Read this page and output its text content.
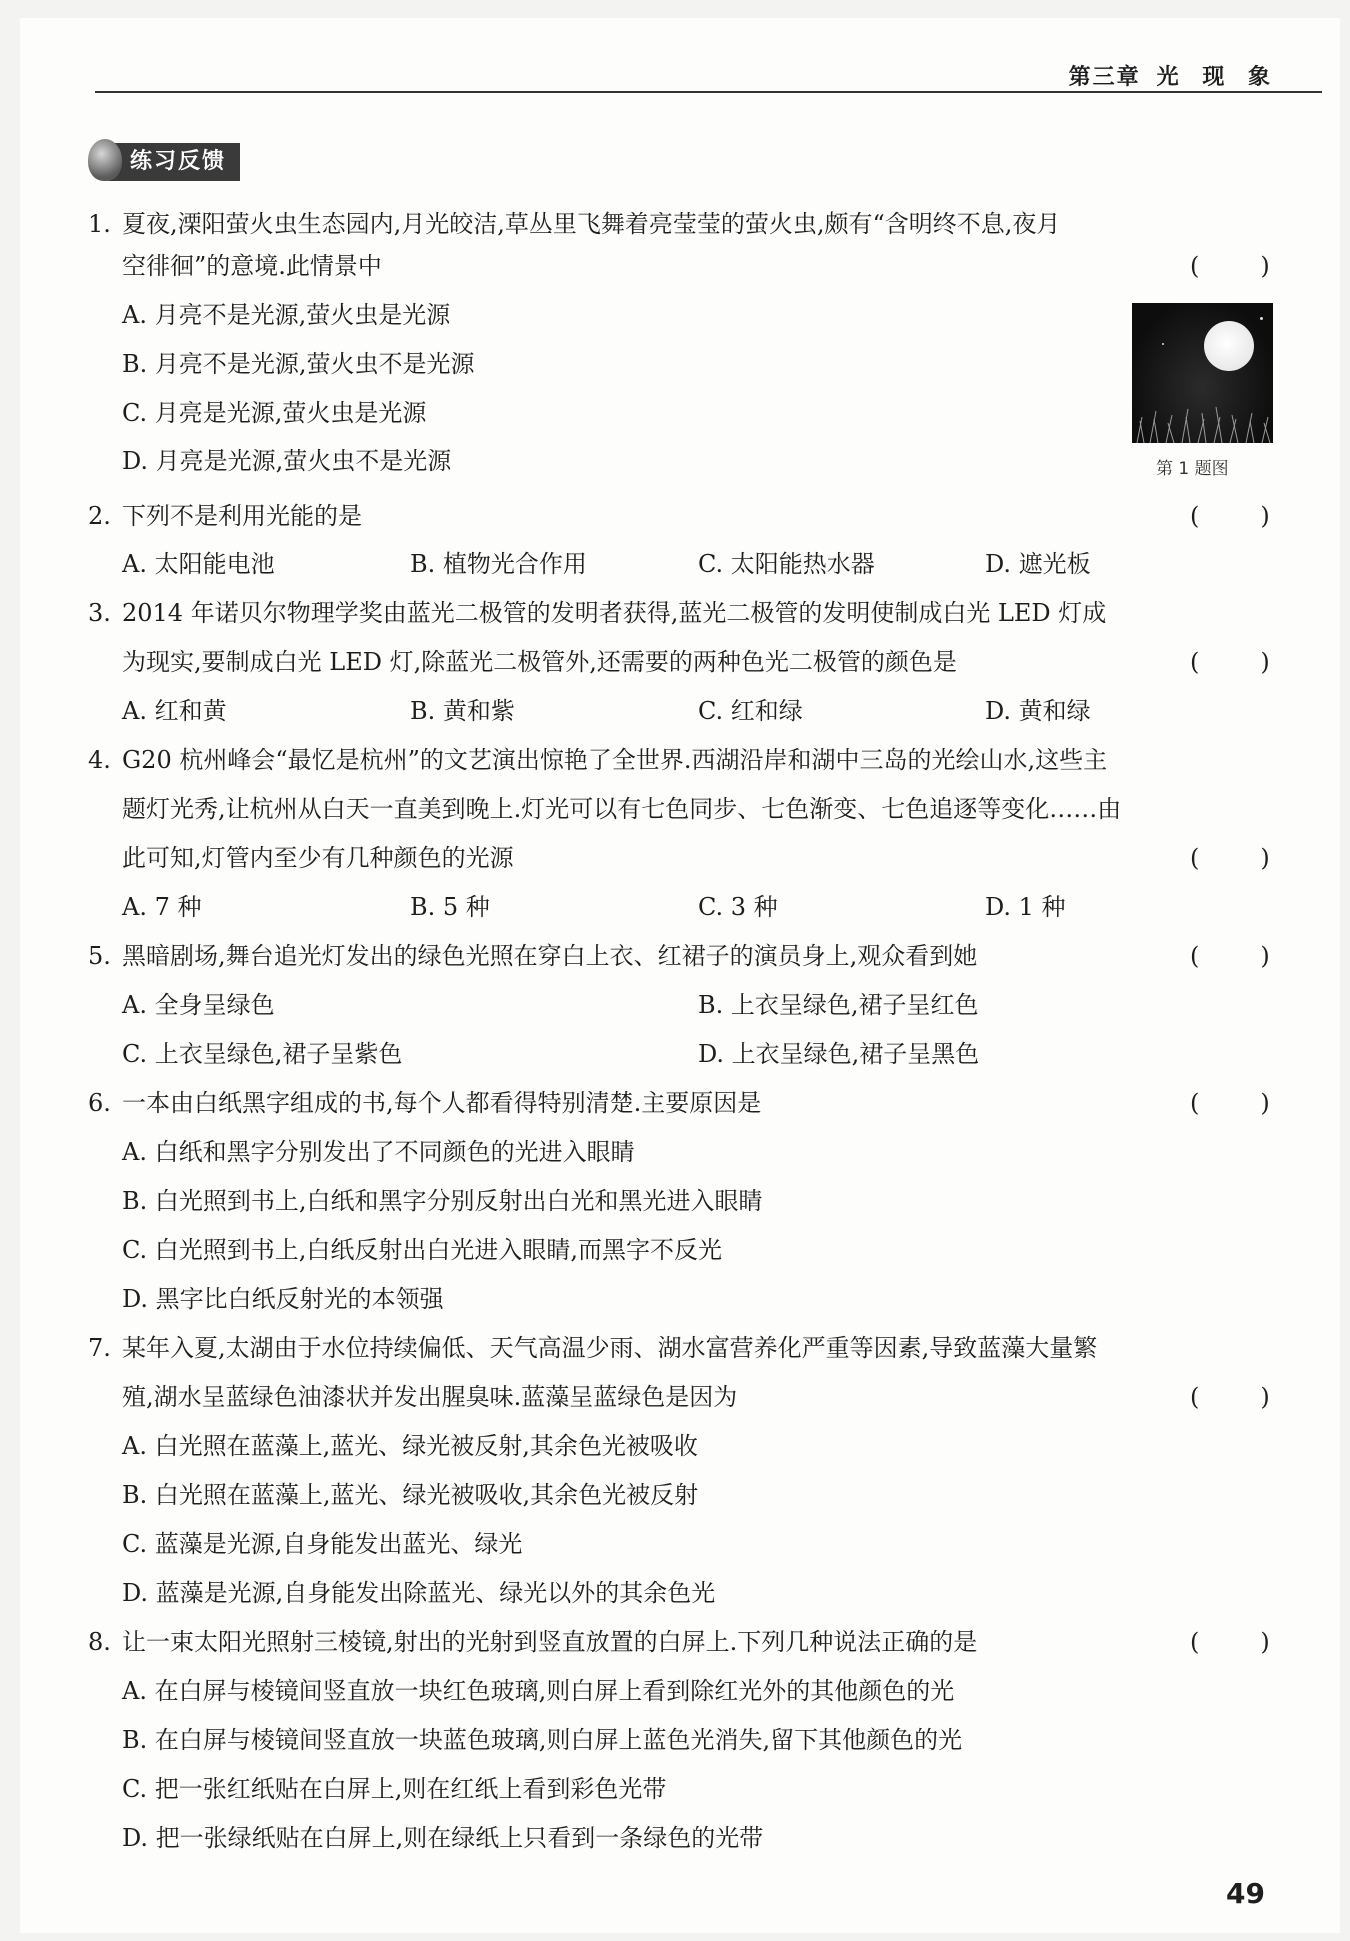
第三章 光 现 象
练习反馈
1. 夏夜,溧阳萤火虫生态园内,月光皎洁,草丛里飞舞着亮莹莹的萤火虫,颇有“含明终不息,夜月
空徘徊”的意境.此情景中	(        )
A. 月亮不是光源,萤火虫是光源
B. 月亮不是光源,萤火虫不是光源
C. 月亮是光源,萤火虫是光源
D. 月亮是光源,萤火虫不是光源	第 1 题图
2. 下列不是利用光能的是	(        )
A. 太阳能电池	B. 植物光合作用	C. 太阳能热水器	D. 遮光板
3. 2014 年诺贝尔物理学奖由蓝光二极管的发明者获得,蓝光二极管的发明使制成白光 LED 灯成
为现实,要制成白光 LED 灯,除蓝光二极管外,还需要的两种色光二极管的颜色是	(        )
A. 红和黄	B. 黄和紫	C. 红和绿	D. 黄和绿
4. G20 杭州峰会“最忆是杭州”的文艺演出惊艳了全世界.西湖沿岸和湖中三岛的光绘山水,这些主
题灯光秀,让杭州从白天一直美到晚上.灯光可以有七色同步、七色渐变、七色追逐等变化……由
此可知,灯管内至少有几种颜色的光源	(        )
A. 7 种	B. 5 种	C. 3 种	D. 1 种
5. 黑暗剧场,舞台追光灯发出的绿色光照在穿白上衣、红裙子的演员身上,观众看到她	(        )
A. 全身呈绿色	B. 上衣呈绿色,裙子呈红色
C. 上衣呈绿色,裙子呈紫色	D. 上衣呈绿色,裙子呈黑色
6. 一本由白纸黑字组成的书,每个人都看得特别清楚.主要原因是	(        )
A. 白纸和黑字分别发出了不同颜色的光进入眼睛
B. 白光照到书上,白纸和黑字分别反射出白光和黑光进入眼睛
C. 白光照到书上,白纸反射出白光进入眼睛,而黑字不反光
D. 黑字比白纸反射光的本领强
7. 某年入夏,太湖由于水位持续偏低、天气高温少雨、湖水富营养化严重等因素,导致蓝藻大量繁
殖,湖水呈蓝绿色油漆状并发出腥臭味.蓝藻呈蓝绿色是因为	(        )
A. 白光照在蓝藻上,蓝光、绿光被反射,其余色光被吸收
B. 白光照在蓝藻上,蓝光、绿光被吸收,其余色光被反射
C. 蓝藻是光源,自身能发出蓝光、绿光
D. 蓝藻是光源,自身能发出除蓝光、绿光以外的其余色光
8. 让一束太阳光照射三棱镜,射出的光射到竖直放置的白屏上.下列几种说法正确的是	(        )
A. 在白屏与棱镜间竖直放一块红色玻璃,则白屏上看到除红光外的其他颜色的光
B. 在白屏与棱镜间竖直放一块蓝色玻璃,则白屏上蓝色光消失,留下其他颜色的光
C. 把一张红纸贴在白屏上,则在红纸上看到彩色光带
D. 把一张绿纸贴在白屏上,则在绿纸上只看到一条绿色的光带
49
